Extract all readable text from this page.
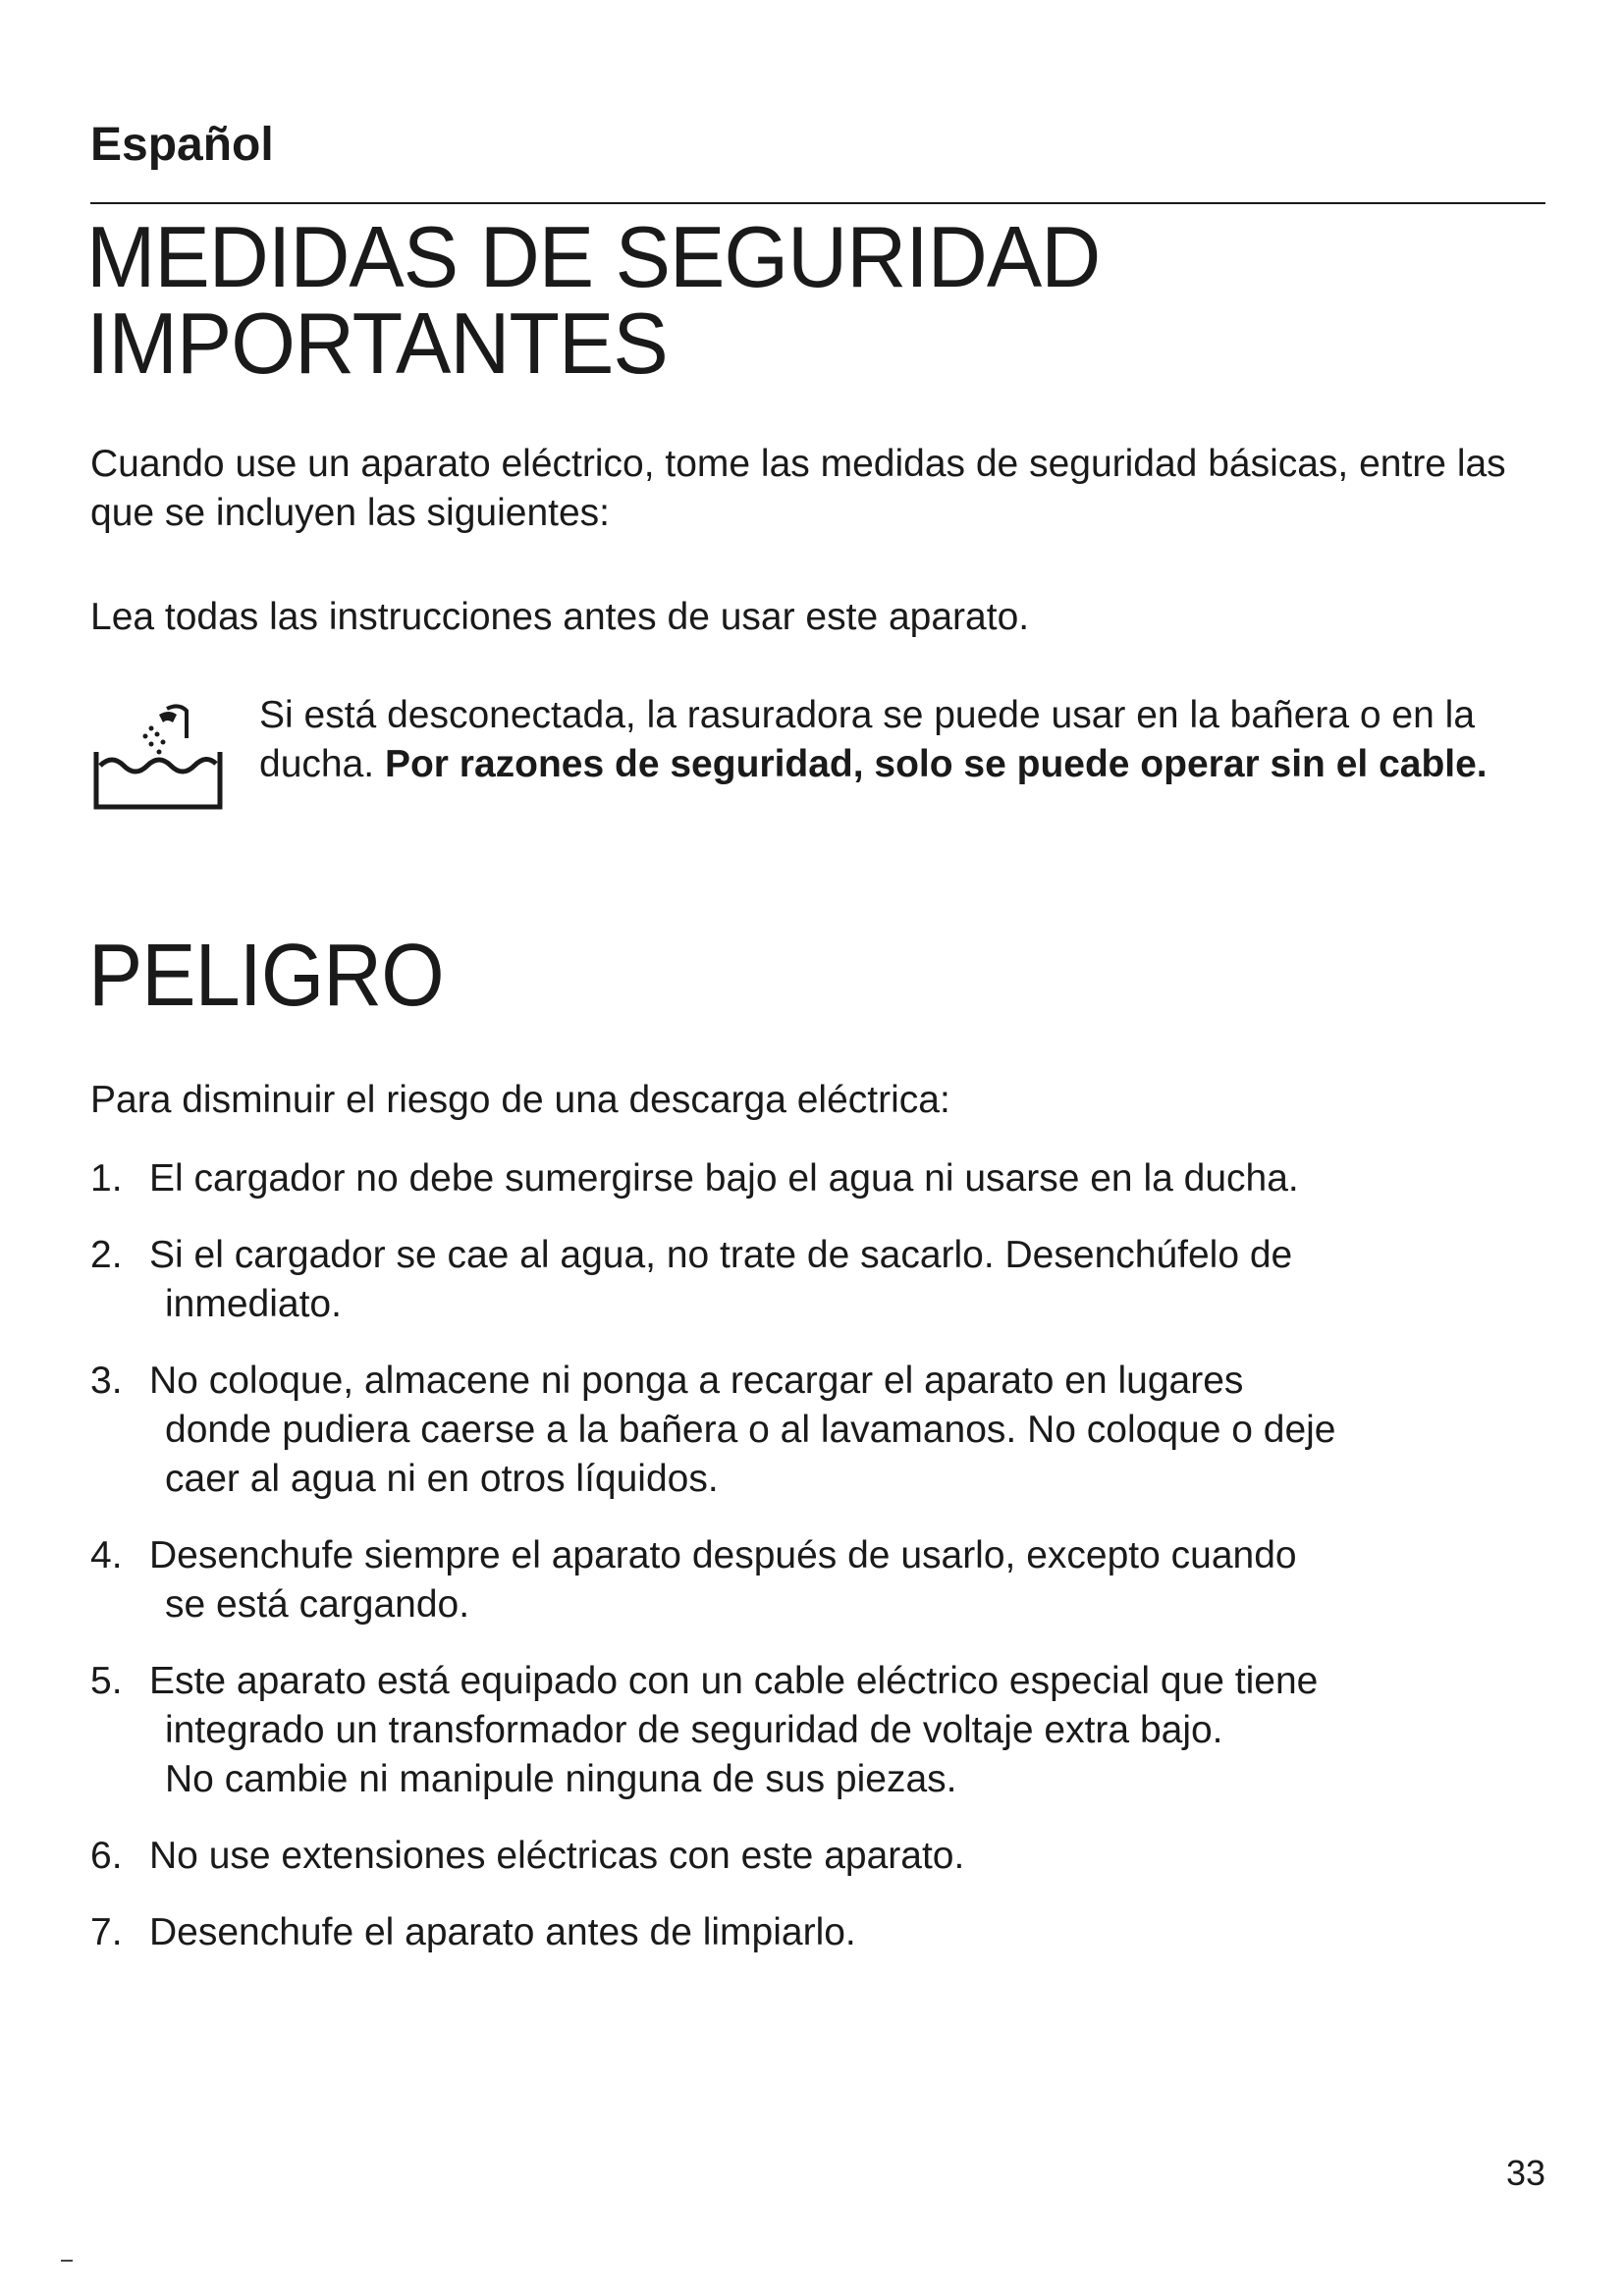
Español
MEDIDAS DE SEGURIDAD
IMPORTANTES

Cuando use un aparato eléctrico, tome las medidas de seguridad básicas, entre las que se incluyen las siguientes:

Lea todas las instrucciones antes de usar este aparato.

Si está desconectada, la rasuradora se puede usar en la bañera o en la ducha. Por razones de seguridad, solo se puede operar sin el cable.

PELIGRO

Para disminuir el riesgo de una descarga eléctrica:

1. El cargador no debe sumergirse bajo el agua ni usarse en la ducha.
2. Si el cargador se cae al agua, no trate de sacarlo. Desenchúfelo de
inmediato.
3. No coloque, almacene ni ponga a recargar el aparato en lugares
donde pudiera caerse a la bañera o al lavamanos. No coloque o deje
caer al agua ni en otros líquidos.
4. Desenchufe siempre el aparato después de usarlo, excepto cuando
se está cargando.
5. Este aparato está equipado con un cable eléctrico especial que tiene
integrado un transformador de seguridad de voltaje extra bajo.
No cambie ni manipule ninguna de sus piezas.
6. No use extensiones eléctricas con este aparato.
7. Desenchufe el aparato antes de limpiarlo.

33
